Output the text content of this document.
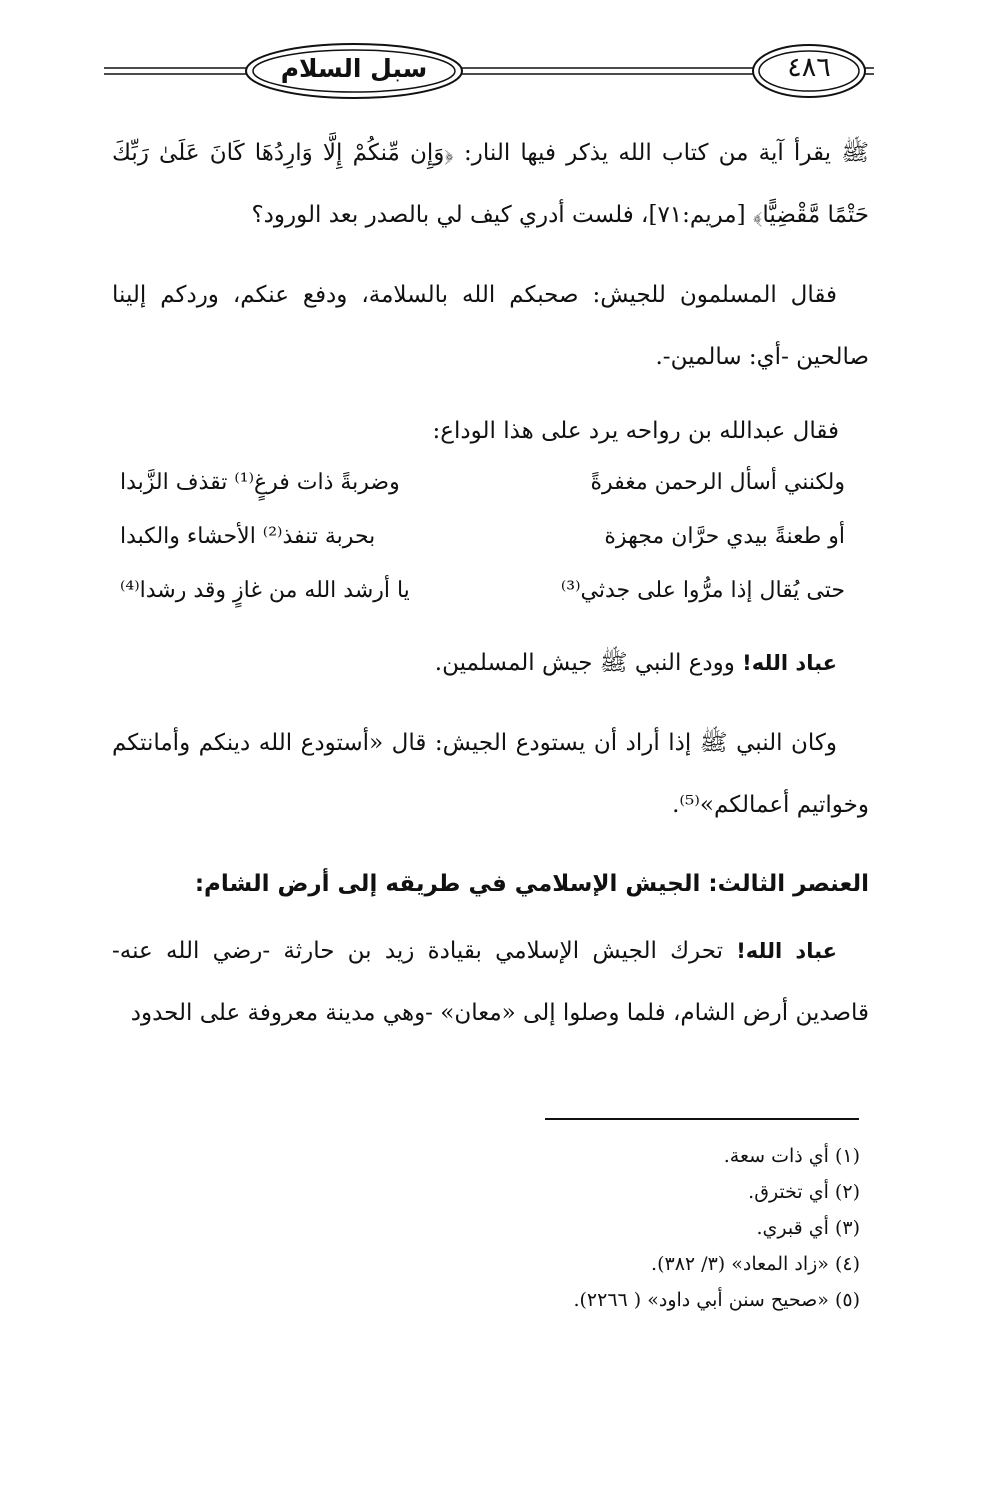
سبل السلام	٤٨٦

ﷺ يقرأ آية من كتاب الله يذكر فيها النار: ﴿وَإِن مِّنكُمْ إِلَّا وَارِدُهَا كَانَ عَلَىٰ رَبِّكَ حَتْمًا مَّقْضِيًّا﴾ [مريم:٧١]، فلست أدري كيف لي بالصدر بعد الورود؟

فقال المسلمون للجيش: صحبكم الله بالسلامة، ودفع عنكم، وردكم إلينا صالحين -أي: سالمين-.

فقال عبدالله بن رواحه يرد على هذا الوداع:
ولكنني أسأل الرحمن مغفرةً
وضربةً ذات فرغٍ⁽¹⁾ تقذف الزَّبدا
أو طعنةً بيدي حرَّان مجهزة
بحربة تنفذ⁽²⁾ الأحشاء والكبدا
حتى يُقال إذا مرُّوا على جدثي⁽³⁾
يا أرشد الله من غازٍ وقد رشدا⁽⁴⁾

عباد الله! وودع النبي ﷺ جيش المسلمين.

وكان النبي ﷺ إذا أراد أن يستودع الجيش: قال «أستودع الله دينكم وأمانتكم وخواتيم أعمالكم»⁽⁵⁾.

العنصر الثالث: الجيش الإسلامي في طريقه إلى أرض الشام:

عباد الله! تحرك الجيش الإسلامي بقيادة زيد بن حارثة -رضي الله عنه- قاصدين أرض الشام، فلما وصلوا إلى «معان» -وهي مدينة معروفة على الحدود

(١) أي ذات سعة.
(٢) أي تخترق.
(٣) أي قبري.
(٤) «زاد المعاد» (٣/ ٣٨٢).
(٥) «صحيح سنن أبي داود» ( ٢٢٦٦).
